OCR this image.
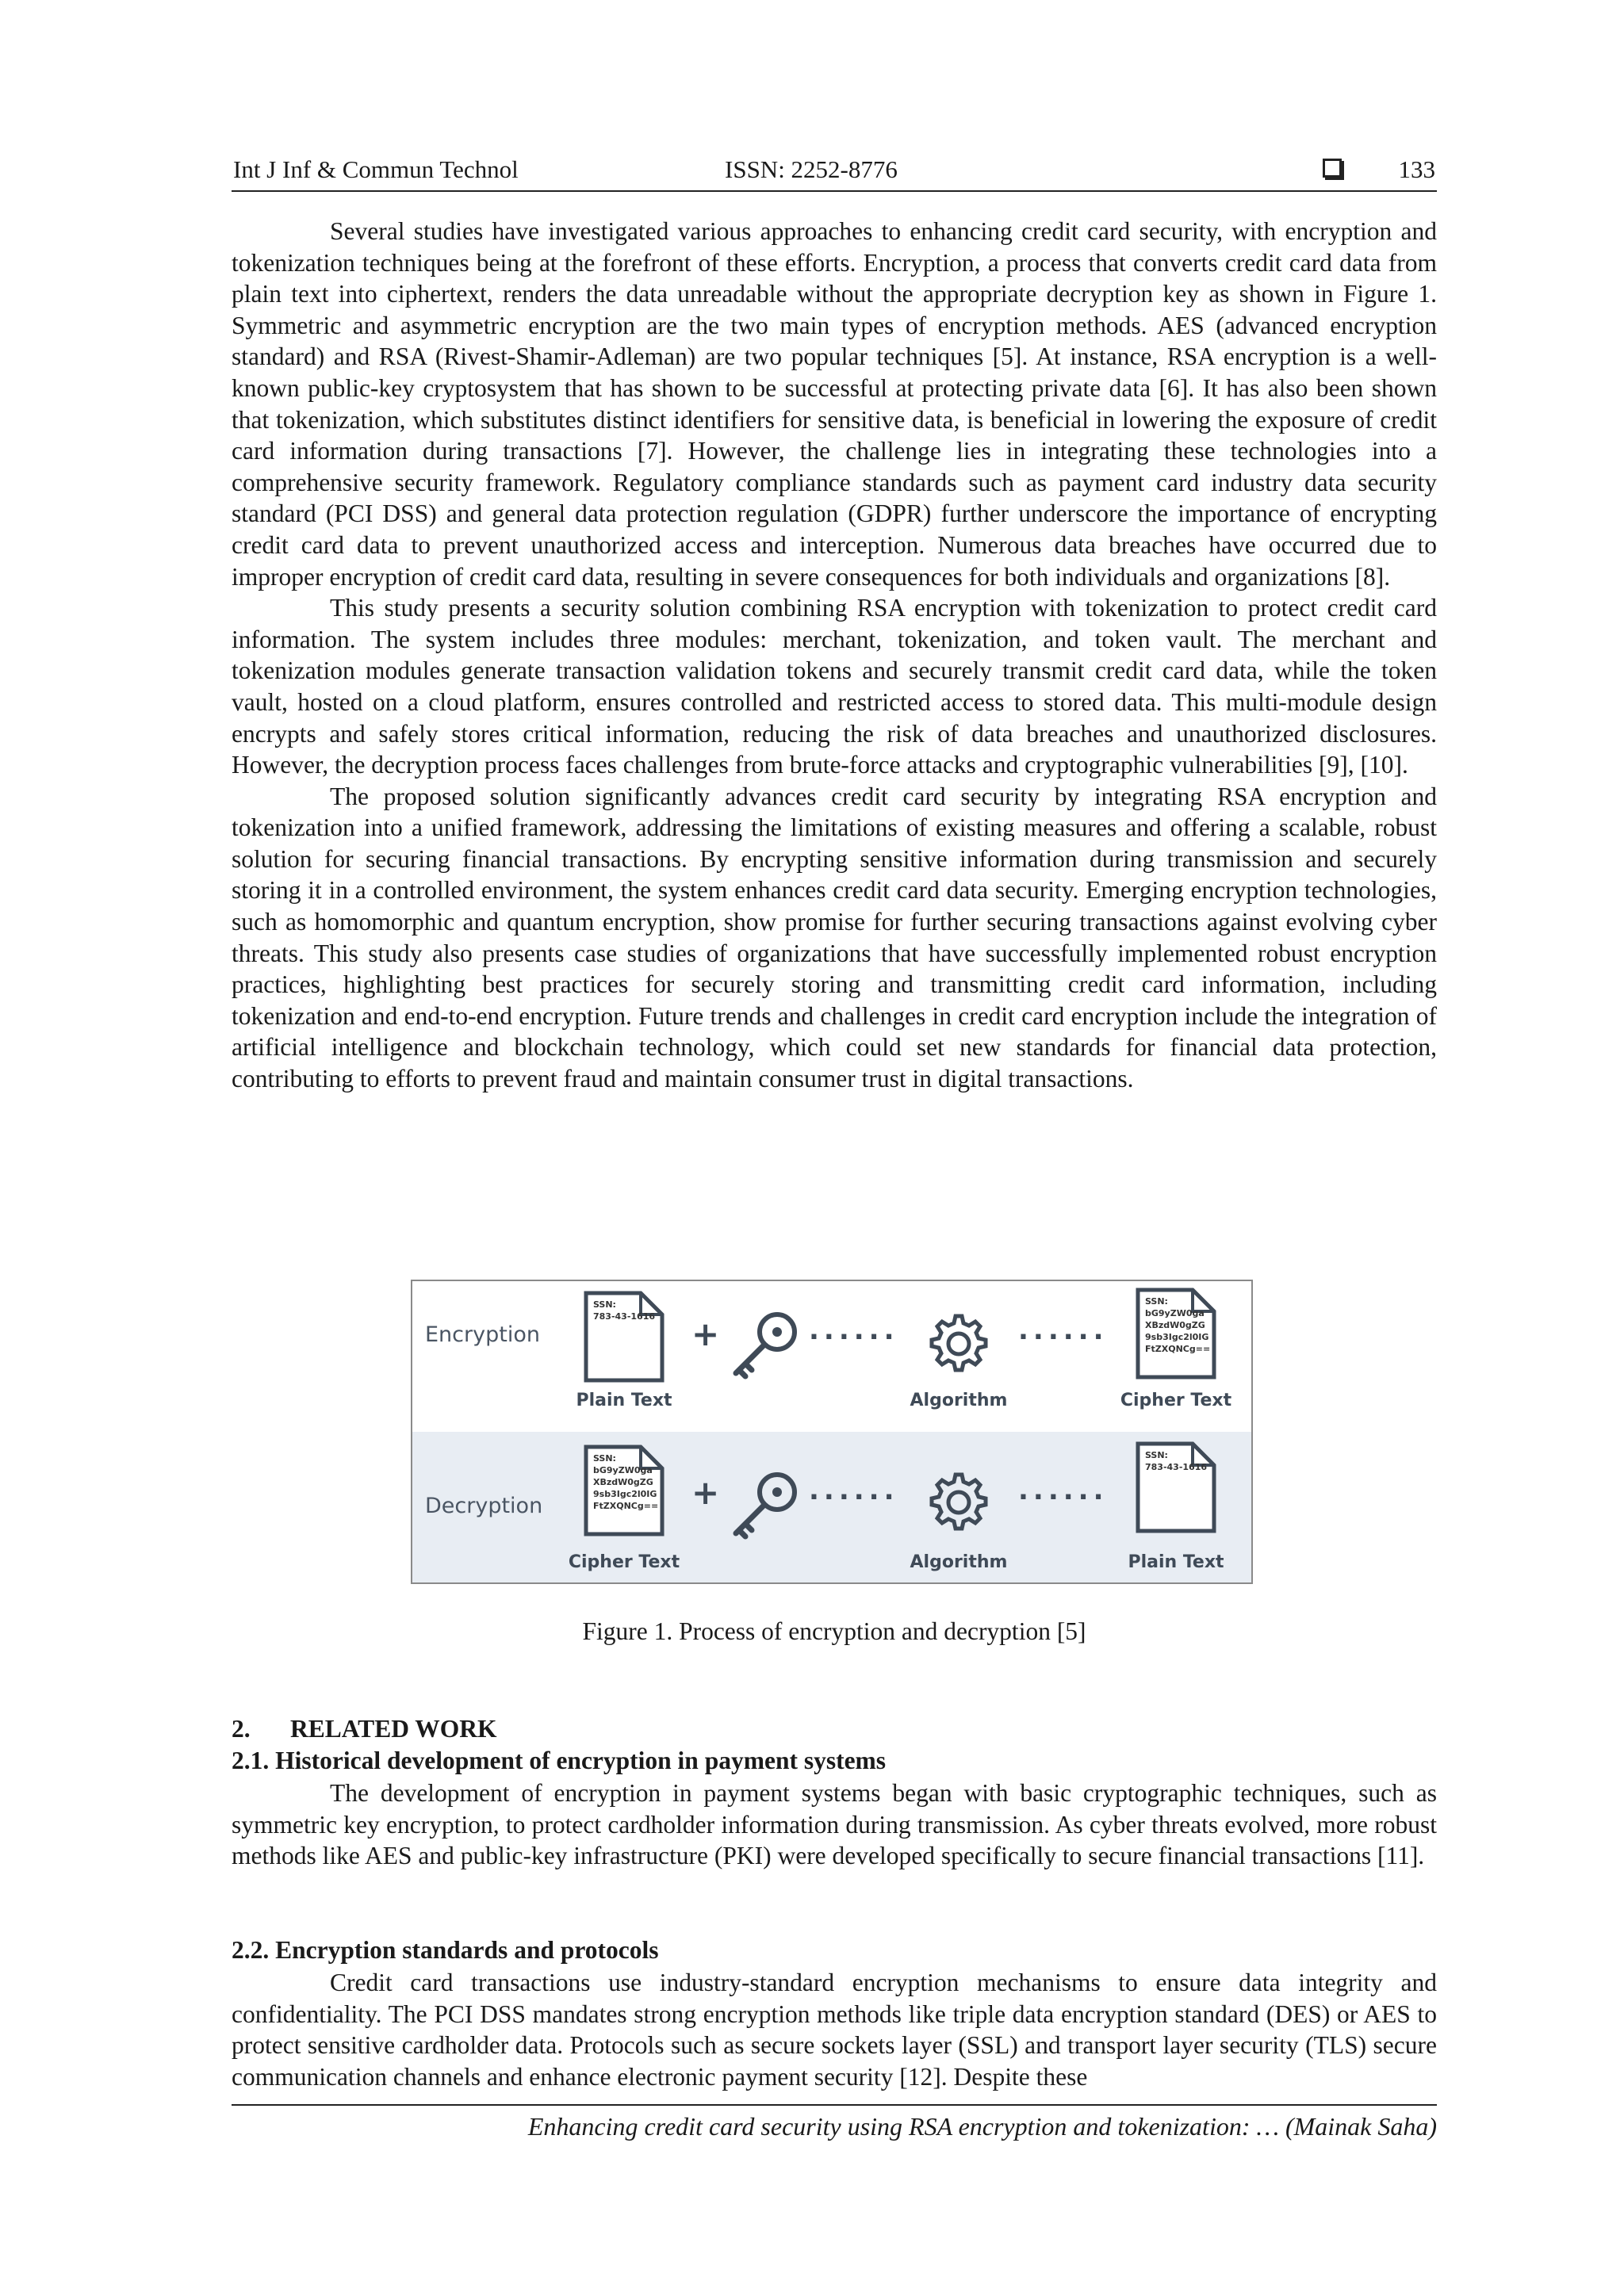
Int J Inf & Commun Technol	ISSN: 2252-8776	133

Several studies have investigated various approaches to enhancing credit card security, with encryption and tokenization techniques being at the forefront of these efforts. Encryption, a process that converts credit card data from plain text into ciphertext, renders the data unreadable without the appropriate decryption key as shown in Figure 1. Symmetric and asymmetric encryption are the two main types of encryption methods. AES (advanced encryption standard) and RSA (Rivest-Shamir-Adleman) are two popular techniques [5]. At instance, RSA encryption is a well-known public-key cryptosystem that has shown to be successful at protecting private data [6]. It has also been shown that tokenization, which substitutes distinct identifiers for sensitive data, is beneficial in lowering the exposure of credit card information during transactions [7]. However, the challenge lies in integrating these technologies into a comprehensive security framework. Regulatory compliance standards such as payment card industry data security standard (PCI DSS) and general data protection regulation (GDPR) further underscore the importance of encrypting credit card data to prevent unauthorized access and interception. Numerous data breaches have occurred due to improper encryption of credit card data, resulting in severe consequences for both individuals and organizations [8].

This study presents a security solution combining RSA encryption with tokenization to protect credit card information. The system includes three modules: merchant, tokenization, and token vault. The merchant and tokenization modules generate transaction validation tokens and securely transmit credit card data, while the token vault, hosted on a cloud platform, ensures controlled and restricted access to stored data. This multi-module design encrypts and safely stores critical information, reducing the risk of data breaches and unauthorized disclosures. However, the decryption process faces challenges from brute-force attacks and cryptographic vulnerabilities [9], [10].

The proposed solution significantly advances credit card security by integrating RSA encryption and tokenization into a unified framework, addressing the limitations of existing measures and offering a scalable, robust solution for securing financial transactions. By encrypting sensitive information during transmission and securely storing it in a controlled environment, the system enhances credit card data security. Emerging encryption technologies, such as homomorphic and quantum encryption, show promise for further securing transactions against evolving cyber threats. This study also presents case studies of organizations that have successfully implemented robust encryption practices, highlighting best practices for securely storing and transmitting credit card information, including tokenization and end-to-end encryption. Future trends and challenges in credit card encryption include the integration of artificial intelligence and blockchain technology, which could set new standards for financial data protection, contributing to efforts to prevent fraud and maintain consumer trust in digital transactions.

Encryption
SSN:
783-43-1616
Plain Text
+	......
Algorithm
......
SSN:
bG9yZW0ga
XBzdW0gZG
9sb3Igc2l0IG
FtZXQNCg==
Cipher Text
Decryption
SSN:
bG9yZW0ga
XBzdW0gZG
9sb3Igc2l0IG
FtZXQNCg==
Cipher Text
+	......
Algorithm
......
SSN:
783-43-1616
Plain Text
Figure 1. Process of encryption and decryption [5]
2. RELATED WORK
2.1. Historical development of encryption in payment systems

The development of encryption in payment systems began with basic cryptographic techniques, such as symmetric key encryption, to protect cardholder information during transmission. As cyber threats evolved, more robust methods like AES and public-key infrastructure (PKI) were developed specifically to secure financial transactions [11].

2.2. Encryption standards and protocols

Credit card transactions use industry-standard encryption mechanisms to ensure data integrity and confidentiality. The PCI DSS mandates strong encryption methods like triple data encryption standard (DES) or AES to protect sensitive cardholder data. Protocols such as secure sockets layer (SSL) and transport layer security (TLS) secure communication channels and enhance electronic payment security [12]. Despite these

Enhancing credit card security using RSA encryption and tokenization: … (Mainak Saha)
